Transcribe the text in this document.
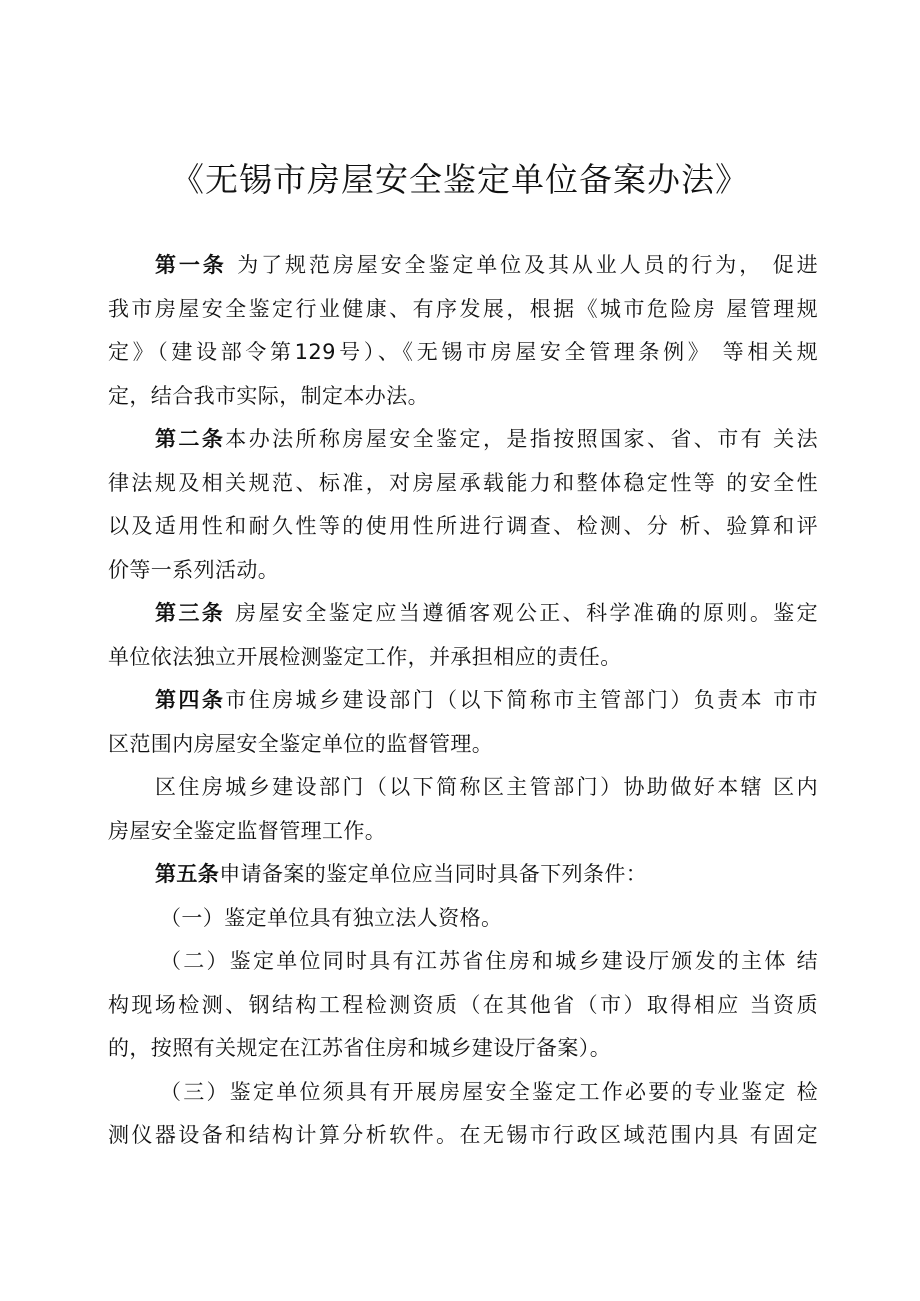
《无锡市房屋安全鉴定单位备案办法》
第一条 为了规范房屋安全鉴定单位及其从业人员的行为， 促进
我市房屋安全鉴定行业健康、有序发展，根据《城市危险房 屋管理规
定》（建设部令第129号）、《无锡市房屋安全管理条例》 等相关规
定，结合我市实际，制定本办法。
第二条本办法所称房屋安全鉴定，是指按照国家、省、市有 关法
律法规及相关规范、标准，对房屋承载能力和整体稳定性等 的安全性
以及适用性和耐久性等的使用性所进行调查、检测、分 析、验算和评
价等一系列活动。
第三条 房屋安全鉴定应当遵循客观公正、科学准确的原则。鉴定
单位依法独立开展检测鉴定工作，并承担相应的责任。
第四条市住房城乡建设部门（以下简称市主管部门）负责本 市市
区范围内房屋安全鉴定单位的监督管理。
区住房城乡建设部门（以下简称区主管部门）协助做好本辖 区内
房屋安全鉴定监督管理工作。
第五条申请备案的鉴定单位应当同时具备下列条件：
（一）鉴定单位具有独立法人资格。
（二）鉴定单位同时具有江苏省住房和城乡建设厅颁发的主体 结
构现场检测、钢结构工程检测资质（在其他省（市）取得相应 当资质
的，按照有关规定在江苏省住房和城乡建设厅备案）。
（三）鉴定单位须具有开展房屋安全鉴定工作必要的专业鉴定 检
测仪器设备和结构计算分析软件。在无锡市行政区域范围内具 有固定
